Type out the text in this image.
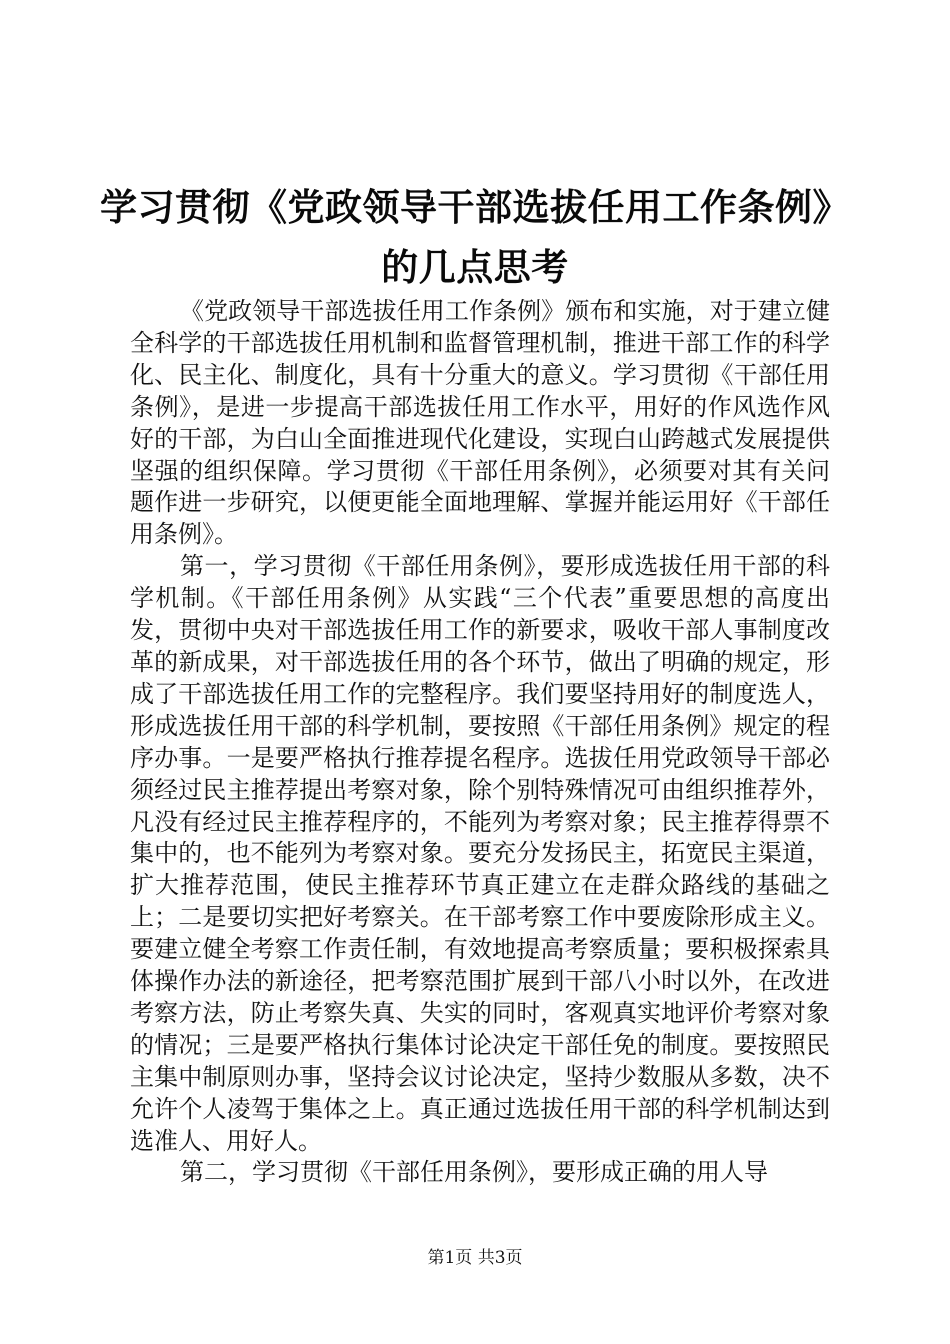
学习贯彻《党政领导干部选拔任用工作条例》
的几点思考

《党政领导干部选拔任用工作条例》颁布和实施，对于建立健全科学的干部选拔任用机制和监督管理机制，推进干部工作的科学化、民主化、制度化，具有十分重大的意义。学习贯彻《干部任用条例》，是进一步提高干部选拔任用工作水平，用好的作风选作风好的干部，为白山全面推进现代化建设，实现白山跨越式发展提供坚强的组织保障。学习贯彻《干部任用条例》，必须要对其有关问题作进一步研究，以便更能全面地理解、掌握并能运用好《干部任用条例》。

第一，学习贯彻《干部任用条例》，要形成选拔任用干部的科学机制。《干部任用条例》从实践“三个代表”重要思想的高度出发，贯彻中央对干部选拔任用工作的新要求，吸收干部人事制度改革的新成果，对干部选拔任用的各个环节，做出了明确的规定，形成了干部选拔任用工作的完整程序。我们要坚持用好的制度选人，形成选拔任用干部的科学机制，要按照《干部任用条例》规定的程序办事。一是要严格执行推荐提名程序。选拔任用党政领导干部必须经过民主推荐提出考察对象，除个别特殊情况可由组织推荐外，凡没有经过民主推荐程序的，不能列为考察对象；民主推荐得票不集中的，也不能列为考察对象。要充分发扬民主，拓宽民主渠道，扩大推荐范围，使民主推荐环节真正建立在走群众路线的基础之上；二是要切实把好考察关。在干部考察工作中要废除形成主义。要建立健全考察工作责任制，有效地提高考察质量；要积极探索具体操作办法的新途径，把考察范围扩展到干部八小时以外，在改进考察方法，防止考察失真、失实的同时，客观真实地评价考察对象的情况；三是要严格执行集体讨论决定干部任免的制度。要按照民主集中制原则办事，坚持会议讨论决定，坚持少数服从多数，决不允许个人凌驾于集体之上。真正通过选拔任用干部的科学机制达到选准人、用好人。

第二，学习贯彻《干部任用条例》，要形成正确的用人导

第1页 共3页
